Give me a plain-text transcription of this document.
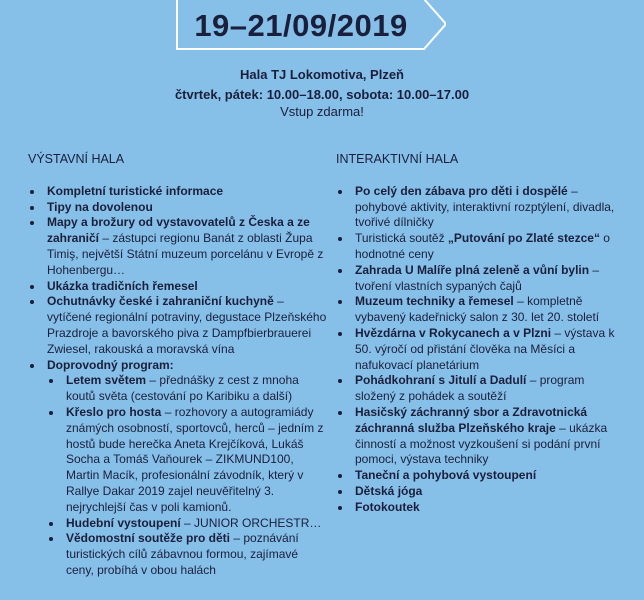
19–21/09/2019
Hala TJ Lokomotiva, Plzeň
čtvrtek, pátek: 10.00–18.00, sobota: 10.00–17.00
Vstup zdarma!
VÝSTAVNÍ HALA
Kompletní turistické informace
Tipy na dovolenou
Mapy a brožury od vystavovatelů z Česka a ze zahraničí – zástupci regionu Banát z oblasti Župa Timiş, největší Státní muzeum porcelánu v Evropě z Hohenbergu…
Ukázka tradičních řemesel
Ochutnávky české i zahraniční kuchyně – vytíčené regionální potraviny, degustace Plzeňského Prazdroje a bavorského piva z Dampfbierbrauerei Zwiesel, rakouská a moravská vína
Doprovodný program:
Letem světem – přednášky z cest z mnoha koutů světa (cestování po Karibiku a další)
Křeslo pro hosta – rozhovory a autogramiády známých osobností, sportovců, herců – jedním z hostů bude herečka Aneta Krejčíková, Lukáš Socha a Tomáš Vaňourek – ZIKMUND100, Martin Macík, profesionální závodník, který v Rallye Dakar 2019 zajel neuvěřitelný 3. nejrychlejší čas v poli kamionů.
Hudební vystoupení – JUNIOR ORCHESTR…
Vědomostní soutěže pro děti – poznávání turistických cílů zábavnou formou, zajímavé ceny, probíhá v obou halách
INTERAKTIVNÍ HALA
Po celý den zábava pro děti i dospělé – pohybové aktivity, interaktivní rozptýlení, divadla, tvořivé dílničky
Turistická soutěž „Putování po Zlaté stezce“ o hodnotné ceny
Zahrada U Malíře plná zeleně a vůní bylin – tvoření vlastních sypaných čajů
Muzeum techniky a řemesel – kompletně vybavený kadeřnický salon z 30. let 20. století
Hvězdárna v Rokycanech a v Plzni – výstava k 50. výročí od přistání člověka na Měsíci a nafukovací planetárium
Pohádkohraní s Jitulí a Dadulí – program složený z pohádek a soutěží
Hasičský záchranný sbor a Zdravotnická záchranná služba Plzeňského kraje – ukázka činností a možnost vyzkoušení si podání první pomoci, výstava techniky
Taneční a pohybová vystoupení
Dětská jóga
Fotokoutek
